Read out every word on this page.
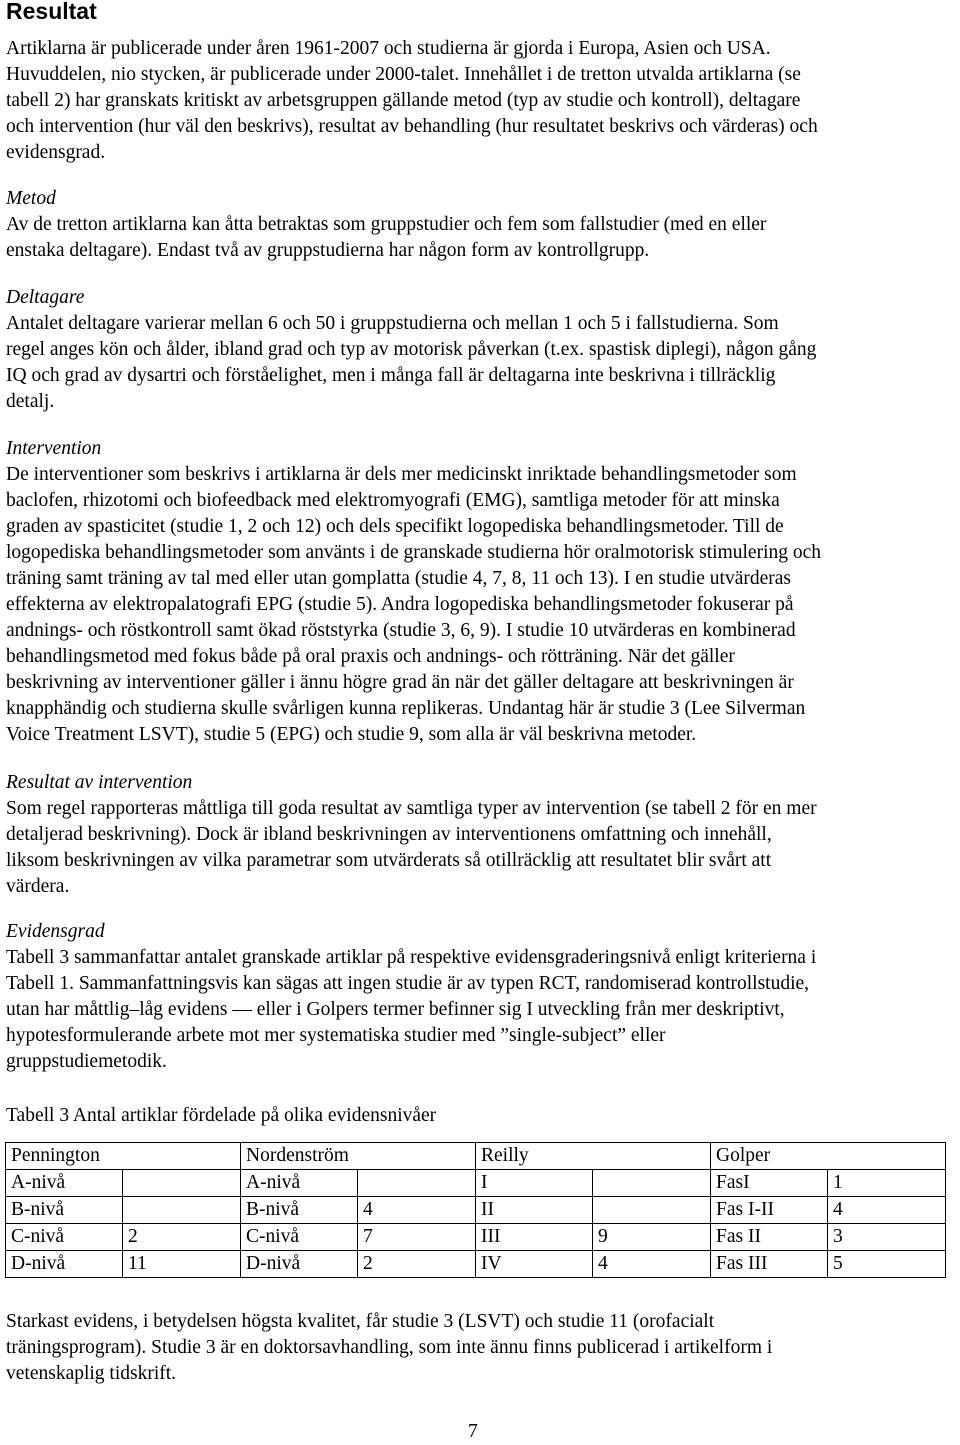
Resultat

Artiklarna är publicerade under åren 1961-2007 och studierna är gjorda i Europa, Asien och USA.

Huvuddelen, nio stycken, är publicerade under 2000-talet. Innehållet i de tretton utvalda artiklarna (se

tabell 2) har granskats kritiskt av arbetsgruppen gällande metod (typ av studie och kontroll), deltagare

och intervention (hur väl den beskrivs), resultat av behandling (hur resultatet beskrivs och värderas) och

evidensgrad.

Metod

Av de tretton artiklarna kan åtta betraktas som gruppstudier och fem som fallstudier (med en eller

enstaka deltagare). Endast två av gruppstudierna har någon form av kontrollgrupp.

Deltagare

Antalet deltagare varierar mellan 6 och 50 i gruppstudierna och mellan 1 och 5 i fallstudierna. Som

regel anges kön och ålder, ibland grad och typ av motorisk påverkan (t.ex. spastisk diplegi), någon gång

IQ och grad av dysartri och förståelighet, men i många fall är deltagarna inte beskrivna i tillräcklig

detalj.

Intervention

De interventioner som beskrivs i artiklarna är dels mer medicinskt inriktade behandlingsmetoder som

baclofen, rhizotomi och biofeedback med elektromyografi (EMG), samtliga metoder för att minska

graden av spasticitet (studie 1, 2 och 12) och dels specifikt logopediska behandlingsmetoder. Till de

logopediska behandlingsmetoder som använts i de granskade studierna hör oralmotorisk stimulering och

träning samt träning av tal med eller utan gomplatta (studie 4, 7, 8, 11 och 13). I en studie utvärderas

effekterna av elektropalatografi EPG (studie 5). Andra logopediska behandlingsmetoder fokuserar på

andnings- och röstkontroll samt ökad röststyrka (studie 3, 6, 9). I studie 10 utvärderas en kombinerad

behandlingsmetod med fokus både på oral praxis och andnings- och rötträning. När det gäller

beskrivning av interventioner gäller i ännu högre grad än när det gäller deltagare att beskrivningen är

knapphändig och studierna skulle svårligen kunna replikeras. Undantag här är studie 3 (Lee Silverman

Voice Treatment LSVT), studie 5 (EPG) och studie 9, som alla är väl beskrivna metoder.

Resultat av intervention

Som regel rapporteras måttliga till goda resultat av samtliga typer av intervention (se tabell 2 för en mer

detaljerad beskrivning). Dock är ibland beskrivningen av interventionens omfattning och innehåll,

liksom beskrivningen av vilka parametrar som utvärderats så otillräcklig att resultatet blir svårt att

värdera.

Evidensgrad

Tabell 3 sammanfattar antalet granskade artiklar på respektive evidensgraderingsnivå enligt kriterierna i

Tabell 1. Sammanfattningsvis kan sägas att ingen studie är av typen RCT, randomiserad kontrollstudie,

utan har måttlig–låg evidens — eller i Golpers termer befinner sig I utveckling från mer deskriptivt,

hypotesformulerande arbete mot mer systematiska studier med ”single-subject” eller

gruppstudiemetodik.

Tabell 3 Antal artiklar fördelade på olika evidensnivåer

Pennington		Nordenström		Reilly		Golper	
A-nivå		A-nivå		I		FasI	1
B-nivå		B-nivå	4	II		Fas I-II	4
C-nivå	2	C-nivå	7	III	9	Fas II	3
D-nivå	11	D-nivå	2	IV	4	Fas III	5

Starkast evidens, i betydelsen högsta kvalitet, får studie 3 (LSVT) och studie 11 (orofacialt

träningsprogram). Studie 3 är en doktorsavhandling, som inte ännu finns publicerad i artikelform i

vetenskaplig tidskrift.

7
